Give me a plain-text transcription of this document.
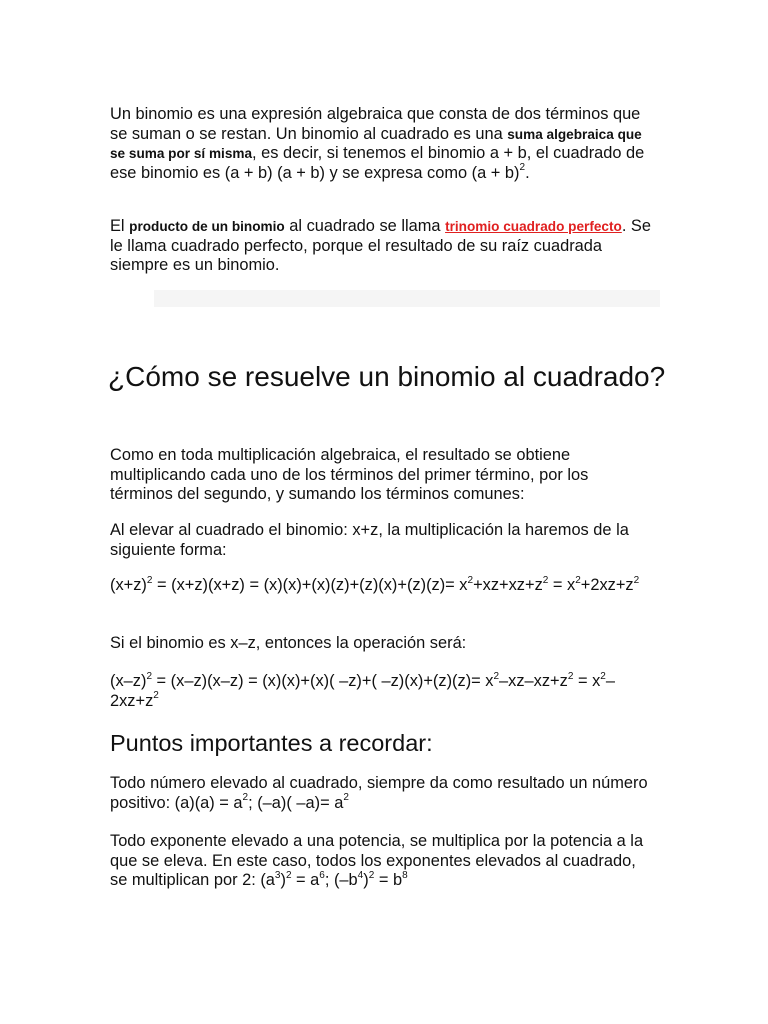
Un binomio es una expresión algebraica que consta de dos términos que se suman o se restan. Un binomio al cuadrado es una suma algebraica que se suma por sí misma, es decir, si tenemos el binomio a + b, el cuadrado de ese binomio es (a + b) (a + b) y se expresa como $(a + b)^2$.

El producto de un binomio al cuadrado se llama trinomio cuadrado perfecto. Se le llama cuadrado perfecto, porque el resultado de su raíz cuadrada siempre es un binomio.

¿Cómo se resuelve un binomio al cuadrado?

Como en toda multiplicación algebraica, el resultado se obtiene multiplicando cada uno de los términos del primer término, por los términos del segundo, y sumando los términos comunes:

Al elevar al cuadrado el binomio: x+z, la multiplicación la haremos de la siguiente forma:

$(x+z)^2 = (x+z)(x+z) = (x)(x)+(x)(z)+(z)(x)+(z)(z)= x^2+xz+xz+z^2 = x^2+2xz+z^2$

Si el binomio es x–z, entonces la operación será:

$(x-z)^2 = (x-z)(x-z) = (x)(x)+(x)$( –z)+( $-z)(x)+(z)(z)= x^2-xz-xz+z^2 = x^2-2xz+z^2$

Puntos importantes a recordar:

Todo número elevado al cuadrado, siempre da como resultado un número positivo: $(a)(a) = a^2$; (–a)( $-a)= a^2$

Todo exponente elevado a una potencia, se multiplica por la potencia a la que se eleva. En este caso, todos los exponentes elevados al cuadrado, se multiplican por 2: $(a^3)^2 = a^6$; $(-b^4)^2 = b^8$
